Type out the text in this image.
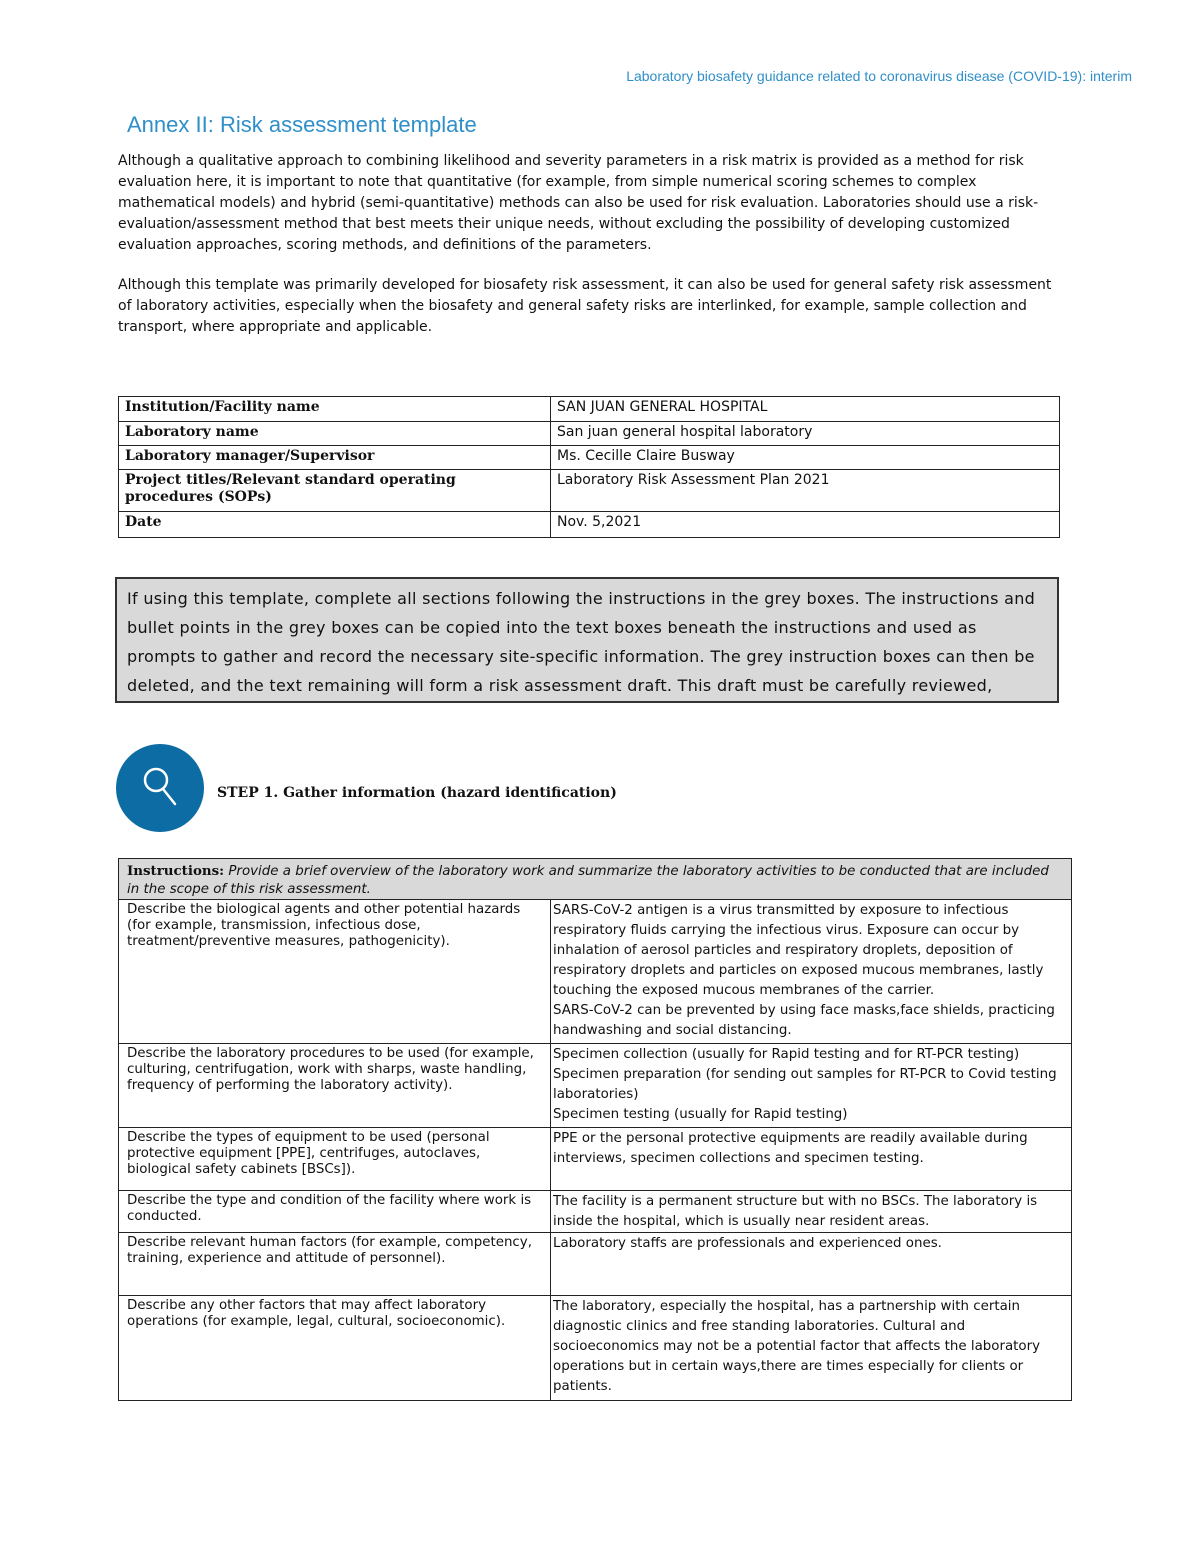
Laboratory biosafety guidance related to coronavirus disease (COVID-19): interim
Annex II: Risk assessment template

Although a qualitative approach to combining likelihood and severity parameters in a risk matrix is provided as a method for risk evaluation here, it is important to note that quantitative (for example, from simple numerical scoring schemes to complex mathematical models) and hybrid (semi-quantitative) methods can also be used for risk evaluation. Laboratories should use a risk-evaluation/assessment method that best meets their unique needs, without excluding the possibility of developing customized evaluation approaches, scoring methods, and definitions of the parameters.

Although this template was primarily developed for biosafety risk assessment, it can also be used for general safety risk assessment of laboratory activities, especially when the biosafety and general safety risks are interlinked, for example, sample collection and transport, where appropriate and applicable.

Institution/Facility name	SAN JUAN GENERAL HOSPITAL
Laboratory name	San juan general hospital laboratory
Laboratory manager/Supervisor	Ms. Cecille Claire Busway
Project titles/Relevant standard operating procedures (SOPs)	Laboratory Risk Assessment Plan 2021
Date	Nov. 5,2021
If using this template, complete all sections following the instructions in the grey boxes. The instructions and bullet points in the grey boxes can be copied into the text boxes beneath the instructions and used as prompts to gather and record the necessary site-specific information. The grey instruction boxes can then be deleted, and the text remaining will form a risk assessment draft. This draft must be carefully reviewed,
STEP 1. Gather information (hazard identification)
Instructions: Provide a brief overview of the laboratory work and summarize the laboratory activities to be conducted that are included in the scope of this risk assessment.	
Describe the biological agents and other potential hazards (for example, transmission, infectious dose, treatment/preventive measures, pathogenicity).	SARS-CoV-2 antigen is a virus transmitted by exposure to infectious respiratory fluids carrying the infectious virus. Exposure can occur by inhalation of aerosol particles and respiratory droplets, deposition of respiratory droplets and particles on exposed mucous membranes, lastly touching the exposed mucous membranes of the carrier.
SARS-CoV-2 can be prevented by using face masks,face shields, practicing handwashing and social distancing.

Describe the laboratory procedures to be used (for example, culturing, centrifugation, work with sharps, waste handling, frequency of performing the laboratory activity).	Specimen collection (usually for Rapid testing and for RT-PCR testing)
Specimen preparation (for sending out samples for RT-PCR to Covid testing laboratories)
Specimen testing (usually for Rapid testing)

Describe the types of equipment to be used (personal protective equipment [PPE], centrifuges, autoclaves, biological safety cabinets [BSCs]).	PPE or the personal protective equipments are readily available during interviews, specimen collections and specimen testing.

Describe the type and condition of the facility where work is conducted.	The facility is a permanent structure but with no BSCs. The laboratory is inside the hospital, which is usually near resident areas.

Describe relevant human factors (for example, competency, training, experience and attitude of personnel).	Laboratory staffs are professionals and experienced ones.

Describe any other factors that may affect laboratory operations (for example, legal, cultural, socioeconomic).	The laboratory, especially the hospital, has a partnership with certain diagnostic clinics and free standing laboratories. Cultural and socioeconomics may not be a potential factor that affects the laboratory operations but in certain ways,there are times especially for clients or patients.
